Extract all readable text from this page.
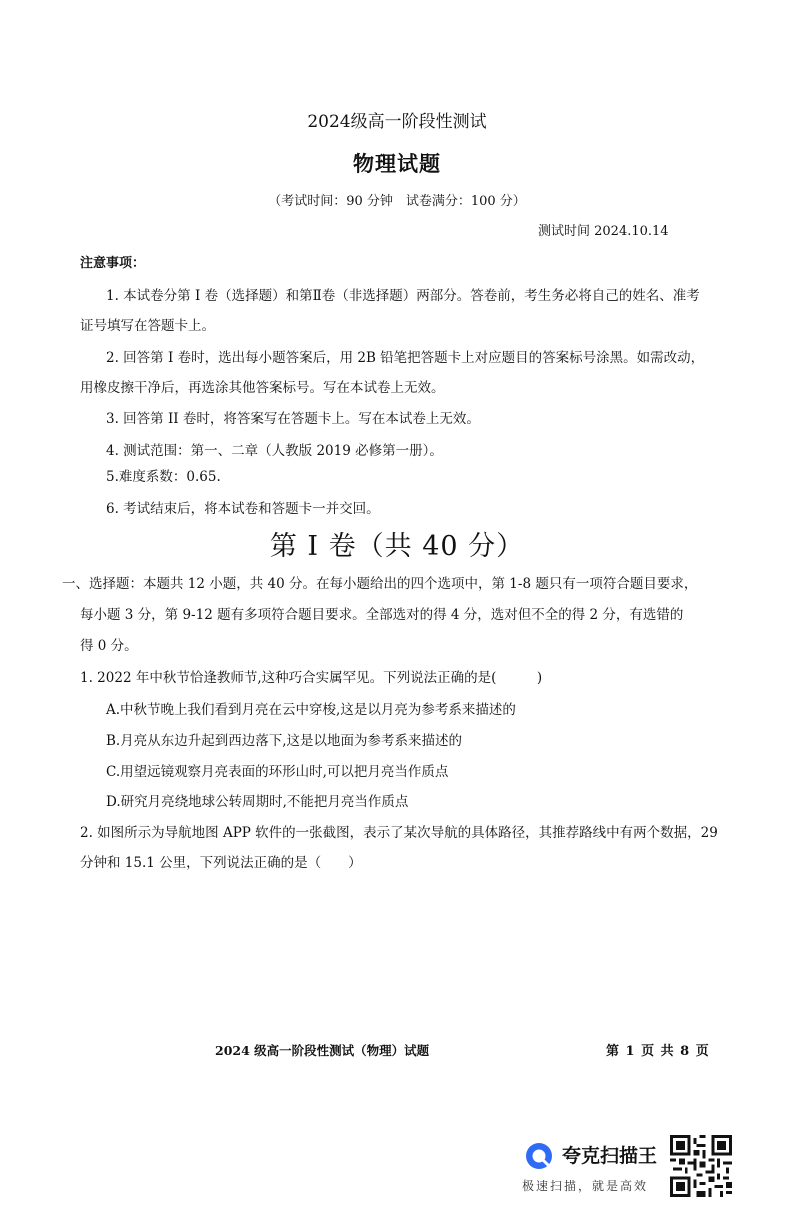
2024级高一阶段性测试
物理试题
（考试时间：90 分钟　试卷满分：100 分）
测试时间 2024.10.14
注意事项：
1. 本试卷分第 I 卷（选择题）和第Ⅱ卷（非选择题）两部分。答卷前，考生务必将自己的姓名、准考
证号填写在答题卡上。
2. 回答第 I 卷时，选出每小题答案后，用 2B 铅笔把答题卡上对应题目的答案标号涂黑。如需改动，
用橡皮擦干净后，再选涂其他答案标号。写在本试卷上无效。
3. 回答第 II 卷时，将答案写在答题卡上。写在本试卷上无效。
4. 测试范围：第一、二章（人教版 2019 必修第一册）。
5.难度系数：0.65.
6. 考试结束后，将本试卷和答题卡一并交回。
第 I 卷（共 40 分）
一、选择题：本题共 12 小题，共 40 分。在每小题给出的四个选项中，第 1-8 题只有一项符合题目要求，
每小题 3 分，第 9-12 题有多项符合题目要求。全部选对的得 4 分，选对但不全的得 2 分，有选错的
得 0 分。
1. 2022 年中秋节恰逢教师节,这种巧合实属罕见。下列说法正确的是(　　　)
A.中秋节晚上我们看到月亮在云中穿梭,这是以月亮为参考系来描述的
B.月亮从东边升起到西边落下,这是以地面为参考系来描述的
C.用望远镜观察月亮表面的环形山时,可以把月亮当作质点
D.研究月亮绕地球公转周期时,不能把月亮当作质点
2. 如图所示为导航地图 APP 软件的一张截图，表示了某次导航的具体路径，其推荐路线中有两个数据，29
分钟和 15.1 公里，下列说法正确的是（　　）
2024 级高一阶段性测试（物理）试题	第 1 页 共 8 页
夸克扫描王
极速扫描，就是高效
